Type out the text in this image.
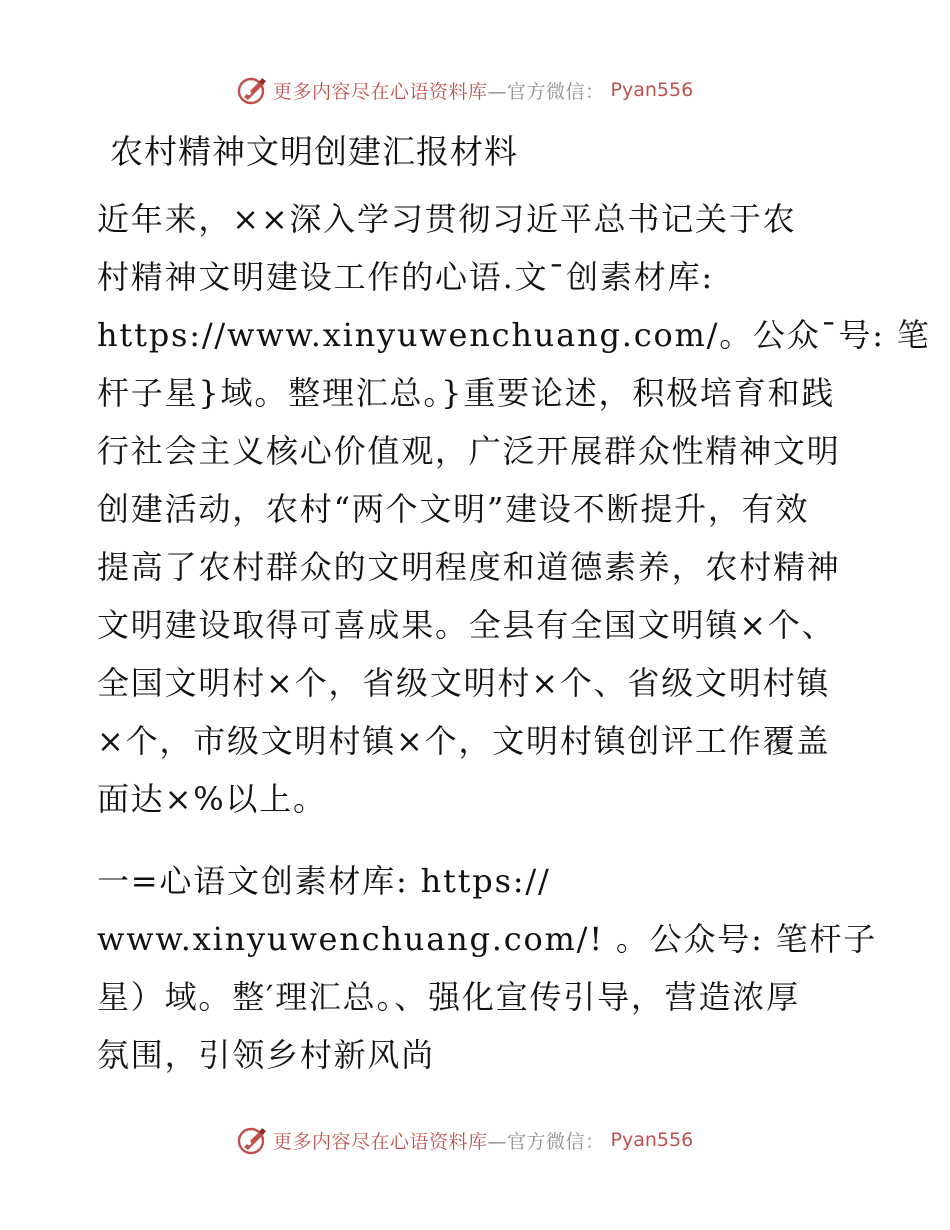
更多内容尽在心语资料库 —官方微信： Pyan556
农村精神文明创建汇报材料
近年来，××深入学习贯彻习近平总书记关于农
村精神文明建设工作的心语.文¯创素材库:
https://www.xinyuwenchuang.com/。公众¯号: 笔
杆子星}域。整理汇总。}重要论述，积极培育和践
行社会主义核心价值观，广泛开展群众性精神文明
创建活动，农村“两个文明”建设不断提升，有效
提高了农村群众的文明程度和道德素养，农村精神
文明建设取得可喜成果。全县有全国文明镇×个、
全国文明村×个，省级文明村×个、省级文明村镇
×个，市级文明村镇×个，文明村镇创评工作覆盖
面达×%以上。
一=心语文创素材库: https://
www.xinyuwenchuang.com/! 。公众号: 笔杆子
星）域。整′理汇总。、强化宣传引导，营造浓厚
氛围，引领乡村新风尚
更多内容尽在心语资料库 —官方微信： Pyan556
